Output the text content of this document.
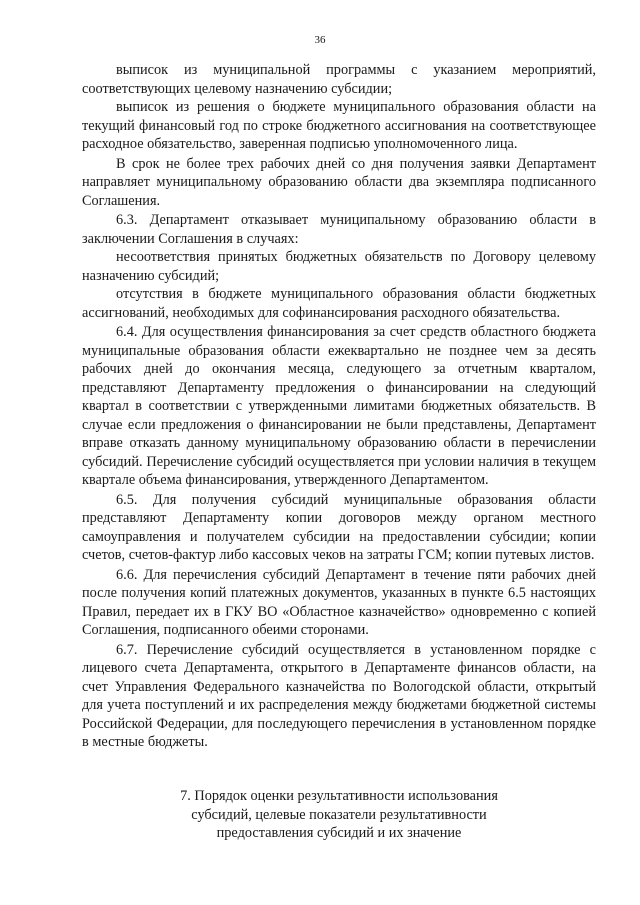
36

выписок из муниципальной программы с указанием мероприятий, соответствующих целевому назначению субсидии;

выписок из решения о бюджете муниципального образования области на текущий финансовый год по строке бюджетного ассигнования на соответствующее расходное обязательство, заверенная подписью уполномоченного лица.

В срок не более трех рабочих дней со дня получения заявки Департамент направляет муниципальному образованию области два экземпляра подписанного Соглашения.

6.3. Департамент отказывает муниципальному образованию области в заключении Соглашения в случаях:

несоответствия принятых бюджетных обязательств по Договору целевому назначению субсидий;

отсутствия в бюджете муниципального образования области бюджетных ассигнований, необходимых для софинансирования расходного обязательства.

6.4. Для осуществления финансирования за счет средств областного бюджета муниципальные образования области ежеквартально не позднее чем за десять рабочих дней до окончания месяца, следующего за отчетным кварталом, представляют Департаменту предложения о финансировании на следующий квартал в соответствии с утвержденными лимитами бюджетных обязательств. В случае если предложения о финансировании не были представлены, Департамент вправе отказать данному муниципальному образованию области в перечислении субсидий. Перечисление субсидий осуществляется при условии наличия в текущем квартале объема финансирования, утвержденного Департаментом.

6.5. Для получения субсидий муниципальные образования области представляют Департаменту копии договоров между органом местного самоуправления и получателем субсидии на предоставлении субсидии; копии счетов, счетов-фактур либо кассовых чеков на затраты ГСМ; копии путевых листов.

6.6. Для перечисления субсидий Департамент в течение пяти рабочих дней после получения копий платежных документов, указанных в пункте 6.5 настоящих Правил, передает их в ГКУ ВО «Областное казначейство» одновременно с копией Соглашения, подписанного обеими сторонами.

6.7. Перечисление субсидий осуществляется в установленном порядке с лицевого счета Департамента, открытого в Департаменте финансов области, на счет Управления Федерального казначейства по Вологодской области, открытый для учета поступлений и их распределения между бюджетами бюджетной системы Российской Федерации, для последующего перечисления в установленном порядке в местные бюджеты.

7. Порядок оценки результативности использования
субсидий, целевые показатели результативности
предоставления субсидий и их значение
